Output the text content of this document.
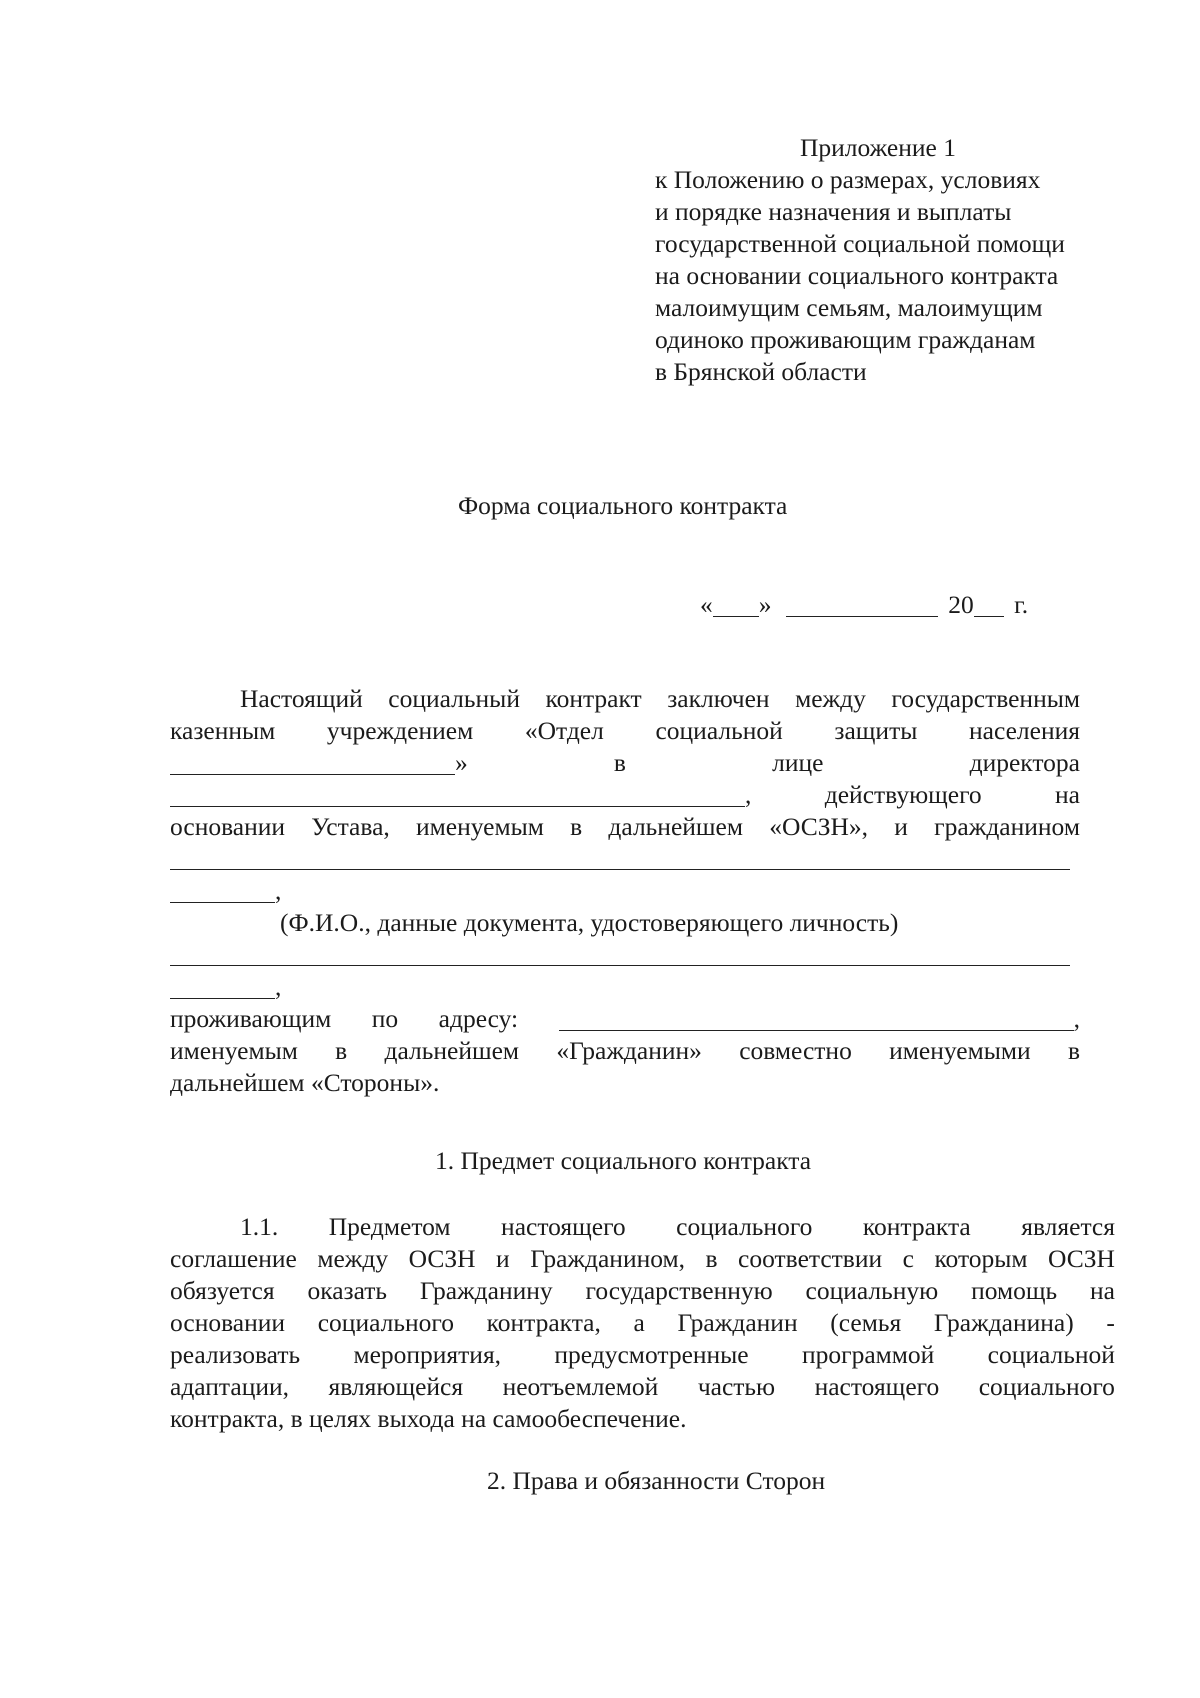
Приложение 1
к Положению о размерах, условиях
и порядке назначения и выплаты
государственной социальной помощи
на основании социального контракта
малоимущим семьям, малоимущим
одиноко проживающим гражданам
в Брянской области
Форма социального контракта
« »	20 г.
Настоящий социальный контракт заключен между государственным
казенным учреждением «Отдел социальной защиты населения
»	в	лице	директора
,	действующего	на
основании Устава, именуемым в дальнейшем «ОСЗН», и гражданином
,
(Ф.И.О., данные документа, удостоверяющего личность)
,
проживающим по адресу:	,
именуемым в дальнейшем «Гражданин» совместно именуемыми в
дальнейшем «Стороны».
1. Предмет социального контракта
1.1. Предметом настоящего социального контракта является
соглашение между ОСЗН и Гражданином, в соответствии с которым ОСЗН
обязуется оказать Гражданину государственную социальную помощь на
основании социального контракта, а Гражданин (семья Гражданина) -
реализовать мероприятия, предусмотренные программой социальной
адаптации, являющейся неотъемлемой частью настоящего социального
контракта, в целях выхода на самообеспечение.
2. Права и обязанности Сторон
